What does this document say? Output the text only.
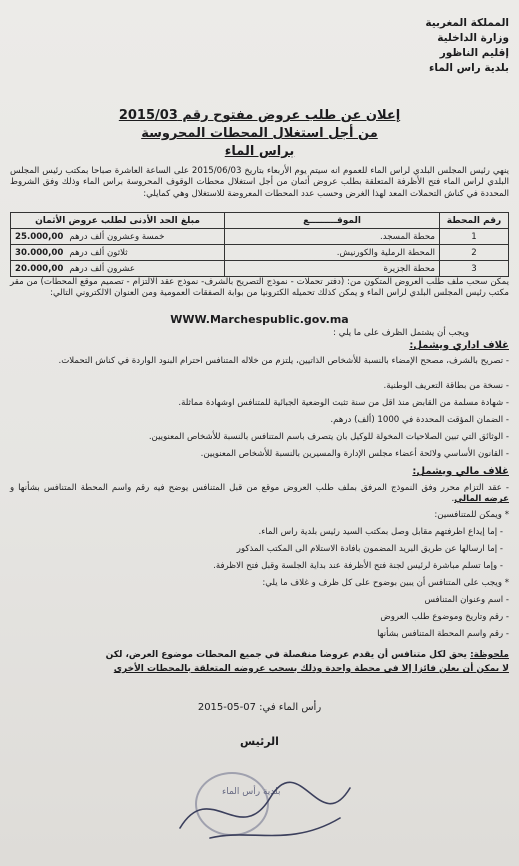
المملكة المغربية
وزارة الداخلية
إقليم الناظور
بلدية راس الماء
إعلان عن طلب عروض مفتوح رقم 2015/03
من أجل استغلال المحطات المحروسة
براس الماء
ينهي رئيس المجلس البلدي لراس الماء للعموم انه سيتم يوم الأربعاء بتاريخ 2015/06/03 على الساعة العاشرة صباحا بمكتب رئيس المجلس البلدي لراس الماء فتح الأظرفة المتعلقة بطلب عروض أثمان من أجل استغلال محطات الوقوف المحروسة براس الماء وذلك وفق الشروط المحددة في كناش التحملات المعد لهذا الغرض وحسب عدد المحطات المعروضة للاستغلال وهي كمايلي:
رقم المحطة	الموقـــــــــع	مبلغ الحد الأدنى لطلب عروض الأثمان
1	محطة المسجد.	خمسة وعشرون ألف درهم25.000,00
2	المحطة الرملية والكورنيش.	ثلاثون ألف درهم30.000,00
3	محطة الجزيرة	عشرون ألف درهم20.000,00
يمكن سحب ملف طلب العروض المتكون من: (دفتر تحملات - نموذج التصريح بالشرف- نموذج عقد الالتزام - تصميم موقع المحطات) من مقر مكتب رئيس المجلس البلدي لراس الماء و يمكن كذلك تحميله الكترونيا من بوابة الصفقات العمومية ومن العنوان الالكتروني التالي:
WWW.Marchespublic.gov.ma
ويجب أن يشتمل الظرف على ما يلي :
غلاف اداري ويشمل:
- تصريح بالشرف، مصحح الإمضاء بالنسبة للأشخاص الذاتيين، يلتزم من خلاله المتنافس احترام البنود الواردة في كناش التحملات.
- نسخة من بطاقة التعريف الوطنية.
- شهادة مسلمة من القابض منذ اقل من سنة تثبت الوضعية الجبائية للمتنافس اوشهادة مماثلة.
- الضمان المؤقت المحددة في 1000 (ألف) درهم.
- الوثائق التي تبين الصلاحيات المخولة للوكيل بان يتصرف باسم المتنافس بالنسبة للأشخاص المعنويين.
- القانون الأساسي ولائحة أعضاء مجلس الإدارة والمسيرين بالنسبة للأشخاص المعنويين.
غلاف مالي ويشمل:
- عقد التزام محرر وفق النموذج المرفق بملف طلب العروض موقع من قبل المتنافس يوضح فيه رقم واسم المحطة المتنافس بشأنها و عرضه المالي.
* ويمكن للمتنافسين:
- إما إيداع اظرفتهم مقابل وصل بمكتب السيد رئيس بلدية راس الماء.
- إما ارسالها عن طريق البريد المضمون بافادة الاستلام الى المكتب المذكور
- وإما تسلم مباشرة لرئيس لجنة فتح الأظرفة عند بداية الجلسة وقبل فتح الاظرفة.
* ويجب على المتنافس أن يبين بوضوح على كل ظرف و غلاف ما يلي:
- اسم وعنوان المتنافس
- رقم وتاريخ وموضوع طلب العروض
- رقم واسم المحطة المتنافس بشأنها
ملحوظة: يحق لكل متنافس أن يقدم عروضا منفصلة في جميع المحطات موضوع العرض، لكن
لا يمكن أن يعلن فائزا إلا في محطة واحدة وذلك بسحب عروضه المتعلقة بالمحطات الأخرى
رأس الماء في: 07-05-2015
الرئيس
بلدية رأس الماء
